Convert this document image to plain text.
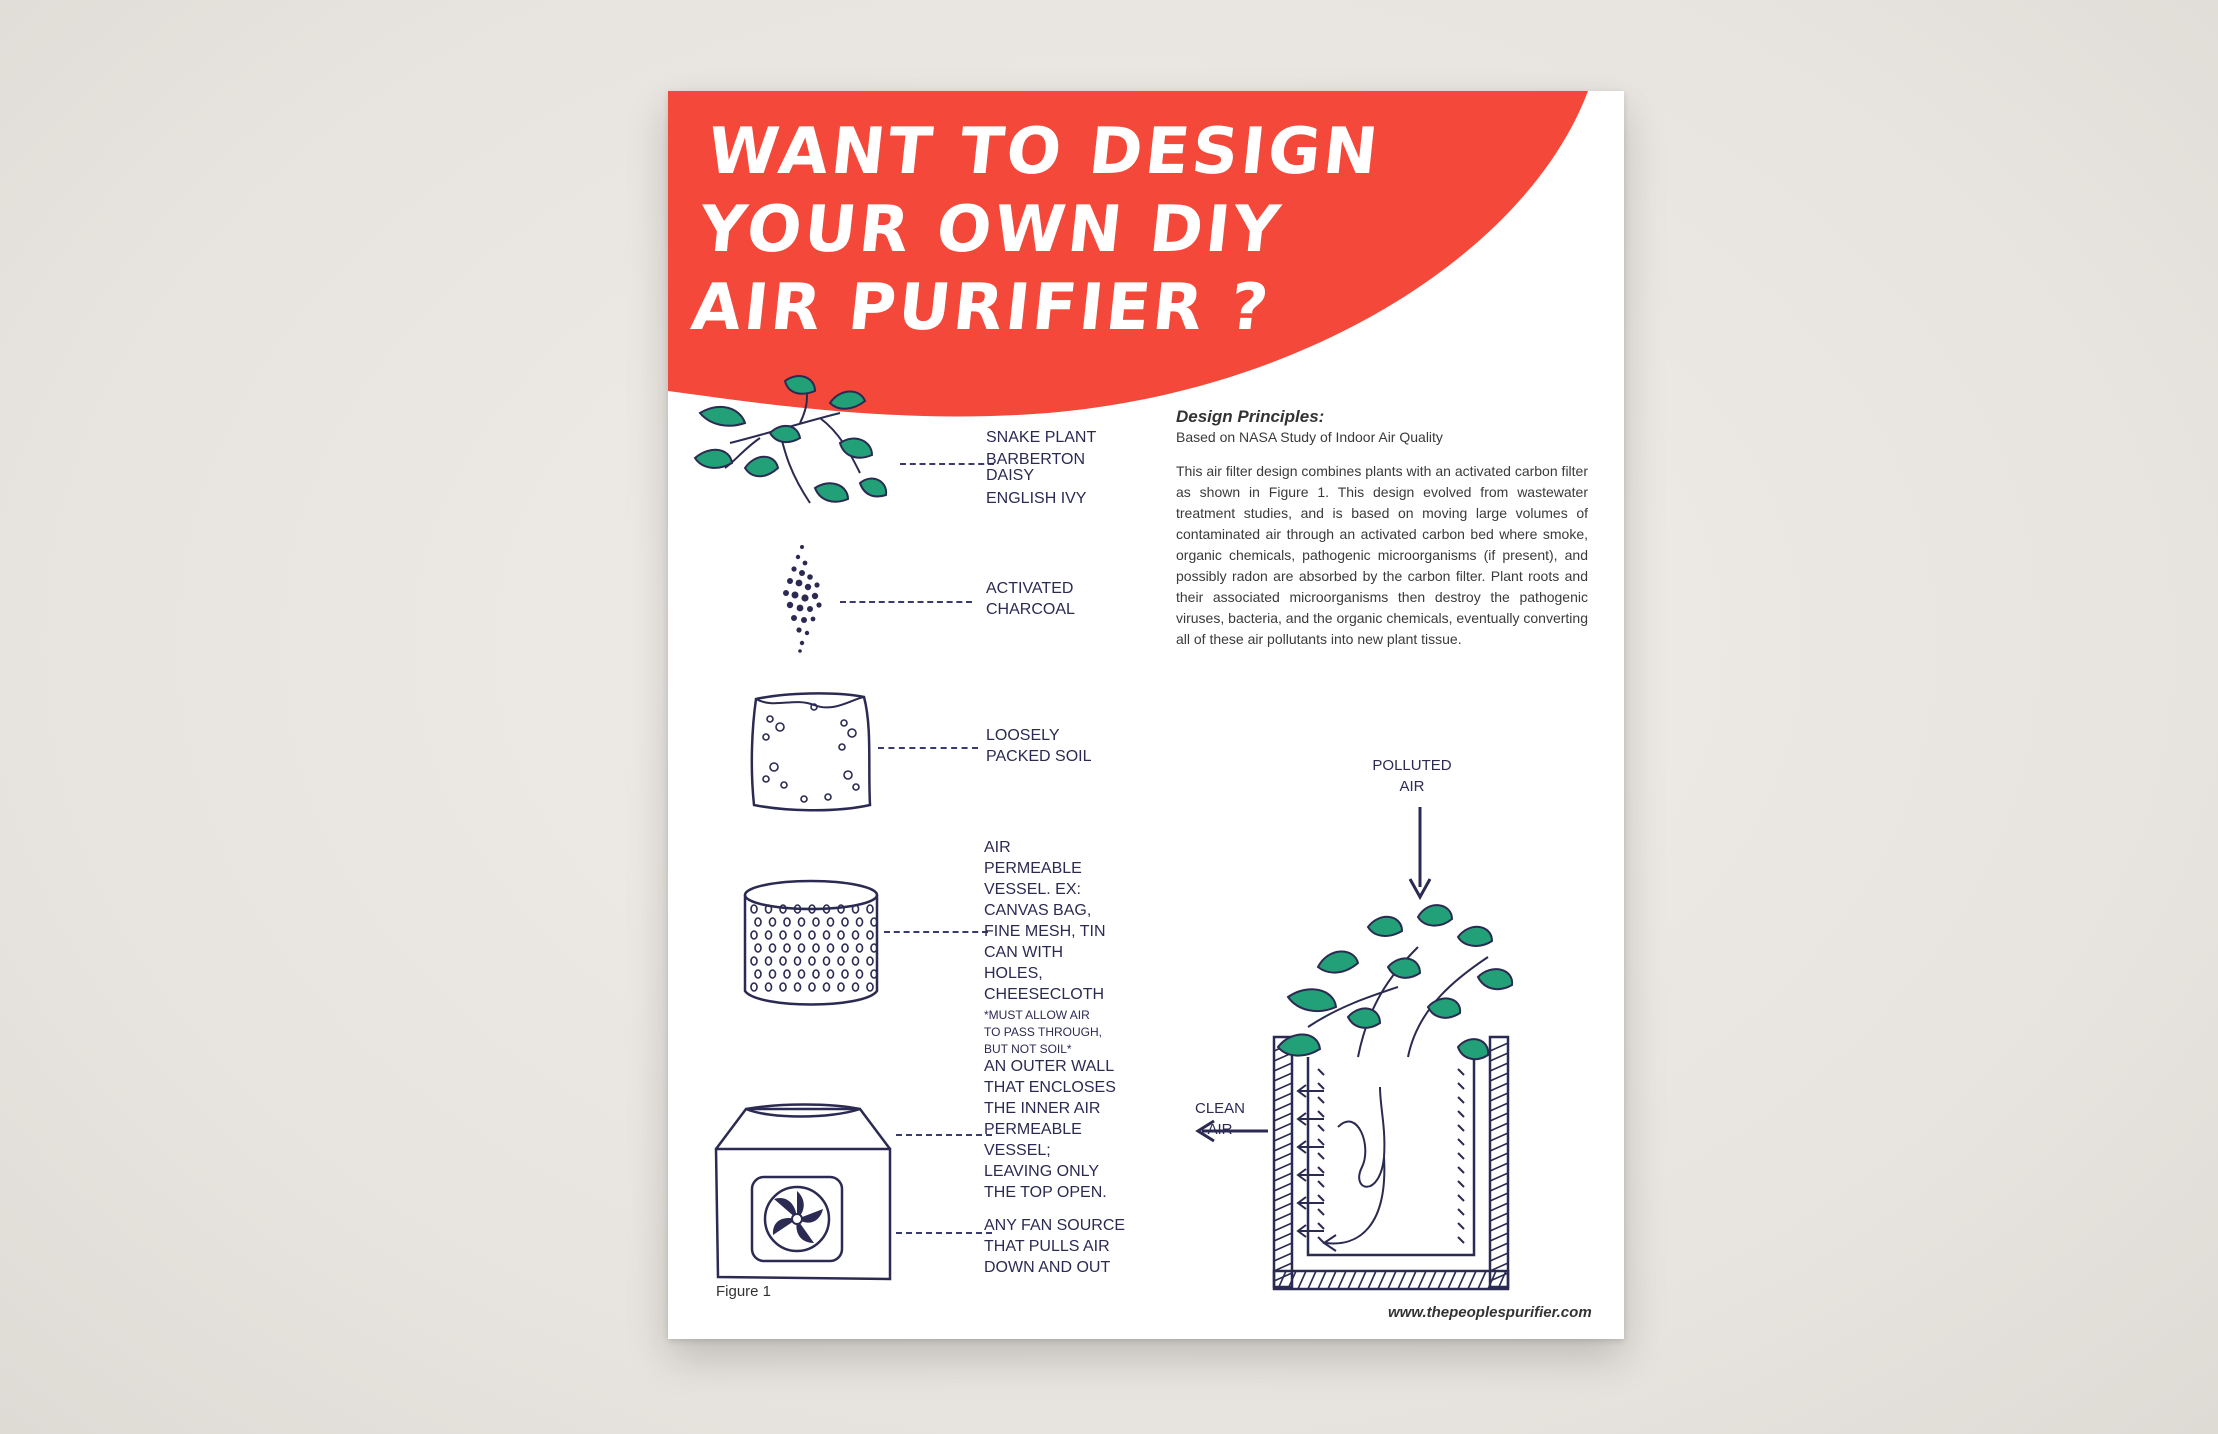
WANT TO DESIGN
YOUR OWN DIY
AIR PURIFIER ?

SNAKE PLANT
BARBERTON DAISY
ENGLISH IVY

ACTIVATED CHARCOAL

LOOSELY PACKED SOIL

AIR PERMEABLE VESSEL. EX: CANVAS BAG, FINE MESH, TIN CAN WITH HOLES, CHEESECLOTH
*MUST ALLOW AIR TO PASS THROUGH, BUT NOT SOIL*

AN OUTER WALL THAT ENCLOSES THE INNER AIR PERMEABLE VESSEL; LEAVING ONLY THE TOP OPEN.

ANY FAN SOURCE THAT PULLS AIR DOWN AND OUT

Design Principles:
Based on NASA Study of Indoor Air Quality

This air filter design combines plants with an activated carbon filter as shown in Figure 1. This design evolved from wastewater treatment studies, and is based on moving large volumes of contaminated air through an activated carbon bed where smoke, organic chemicals, pathogenic microorganisms (if present), and possibly radon are absorbed by the carbon filter. Plant roots and their associated microorganisms then destroy the pathogenic viruses, bacteria, and the organic chemicals, eventually converting all of these air pollutants into new plant tissue.

POLLUTED AIR

CLEAN AIR

Figure 1

www.thepeoplespurifier.com
